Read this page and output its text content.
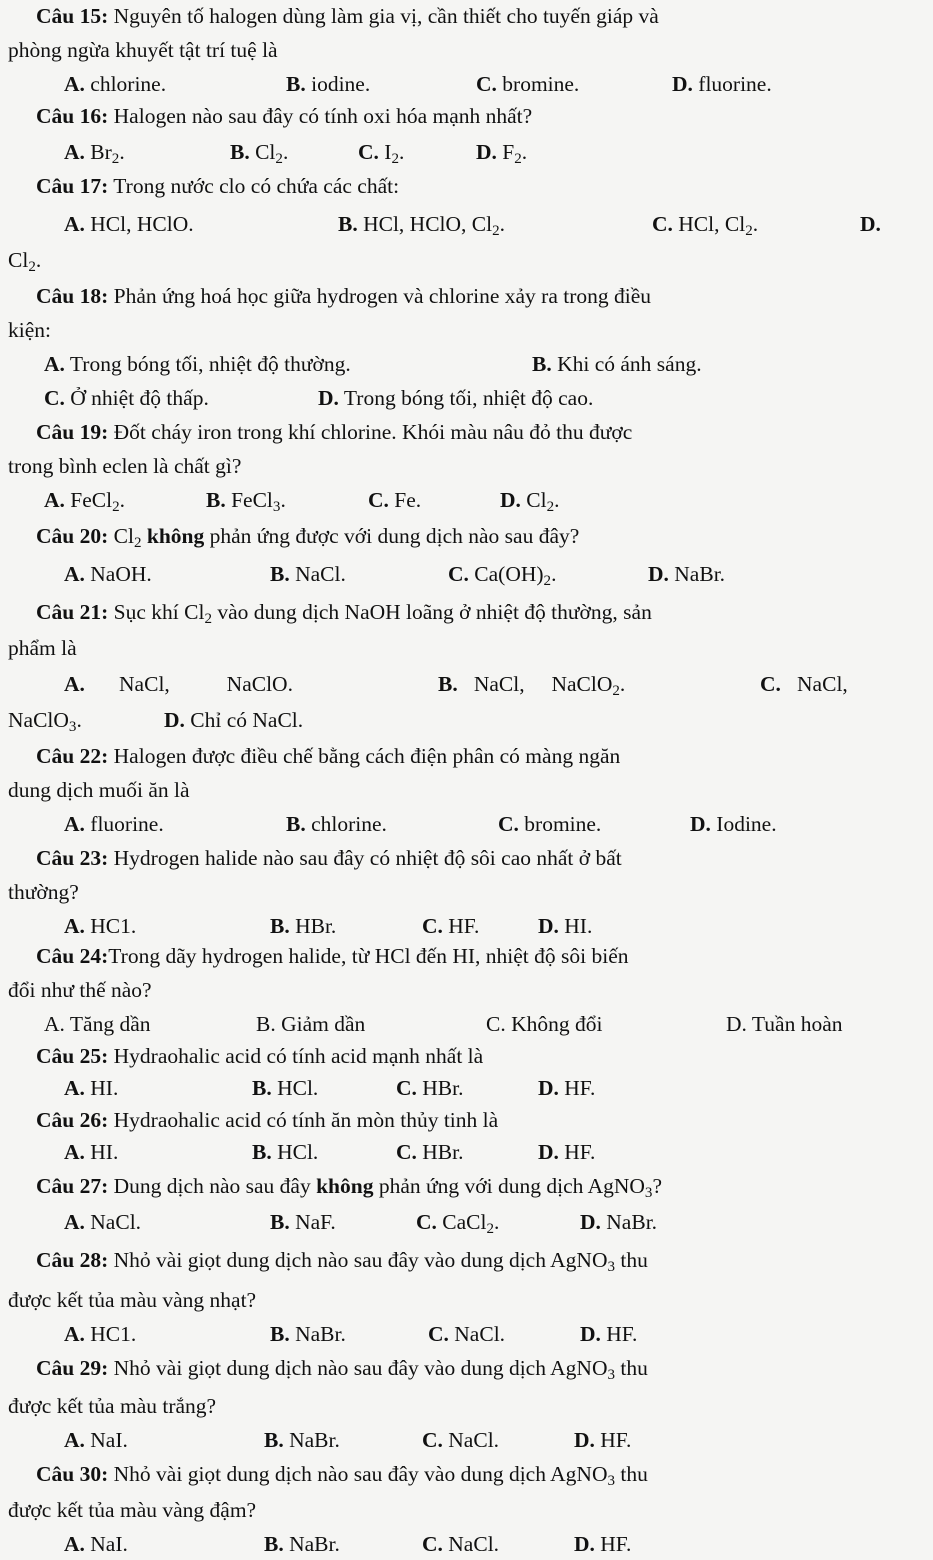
Câu 15: Nguyên tố halogen dùng làm gia vị, cần thiết cho tuyến giáp và
phòng ngừa khuyết tật trí tuệ là
A. chlorine.	B. iodine.	C. bromine.	D. fluorine.
Câu 16: Halogen nào sau đây có tính oxi hóa mạnh nhất?
A. $Br_2$.	B. $Cl_2$.	C. $I_2$.	D. $F_2$.
Câu 17: Trong nước clo có chứa các chất:
A. HCl, HClO.	B. HCl, HClO, $Cl_2$.	C. HCl, $Cl_2$.	D.
$Cl_2$.
Câu 18: Phản ứng hoá học giữa hydrogen và chlorine xảy ra trong điều
kiện:
A. Trong bóng tối, nhiệt độ thường.	B. Khi có ánh sáng.
C. Ở nhiệt độ thấp.	D. Trong bóng tối, nhiệt độ cao.
Câu 19: Đốt cháy iron trong khí chlorine. Khói màu nâu đỏ thu được
trong bình eclen là chất gì?
A. FeCl$_2$.	B. FeCl$_3$.	C. Fe.	D. $Cl_2$.
Câu 20: $Cl_2$ không phản ứng được với dung dịch nào sau đây?
A. NaOH.	B. NaCl.	C. $Ca(OH)_2$.	D. NaBr.
Câu 21: Sục khí $Cl_2$ vào dung dịch NaOH loãng ở nhiệt độ thường, sản
phẩm là
A. NaCl,     NaClO.	B. NaCl,     NaClO$_2$.	C. NaCl,
NaClO$_3$.	D. Chỉ có NaCl.
Câu 22: Halogen được điều chế bằng cách điện phân có màng ngăn
dung dịch muối ăn là
A. fluorine.	B. chlorine.	C. bromine.	D. Iodine.
Câu 23: Hydrogen halide nào sau đây có nhiệt độ sôi cao nhất ở bất
thường?
A. HC1.	B. HBr.	C. HF.	D. HI.
Câu 24:Trong dãy hydrogen halide, từ HCl đến HI, nhiệt độ sôi biến
đổi như thế nào?
A. Tăng dần	B. Giảm dần	C. Không đổi	D. Tuần hoàn
Câu 25: Hydraohalic acid có tính acid mạnh nhất là
A. HI.	B. HCl.	C. HBr.	D. HF.
Câu 26: Hydraohalic acid có tính ăn mòn thủy tinh là
A. HI.	B. HCl.	C. HBr.	D. HF.
Câu 27: Dung dịch nào sau đây không phản ứng với dung dịch AgNO$_3$?
A. NaCl.	B. NaF.	C. CaCl$_2$.	D. NaBr.
Câu 28: Nhỏ vài giọt dung dịch nào sau đây vào dung dịch AgNO$_3$ thu
được kết tủa màu vàng nhạt?
A. HC1.	B. NaBr.	C. NaCl.	D. HF.
Câu 29: Nhỏ vài giọt dung dịch nào sau đây vào dung dịch AgNO$_3$ thu
được kết tủa màu trắng?
A. NaI.	B. NaBr.	C. NaCl.	D. HF.
Câu 30: Nhỏ vài giọt dung dịch nào sau đây vào dung dịch AgNO$_3$ thu
được kết tủa màu vàng đậm?
A. NaI.	B. NaBr.	C. NaCl.	D. HF.
